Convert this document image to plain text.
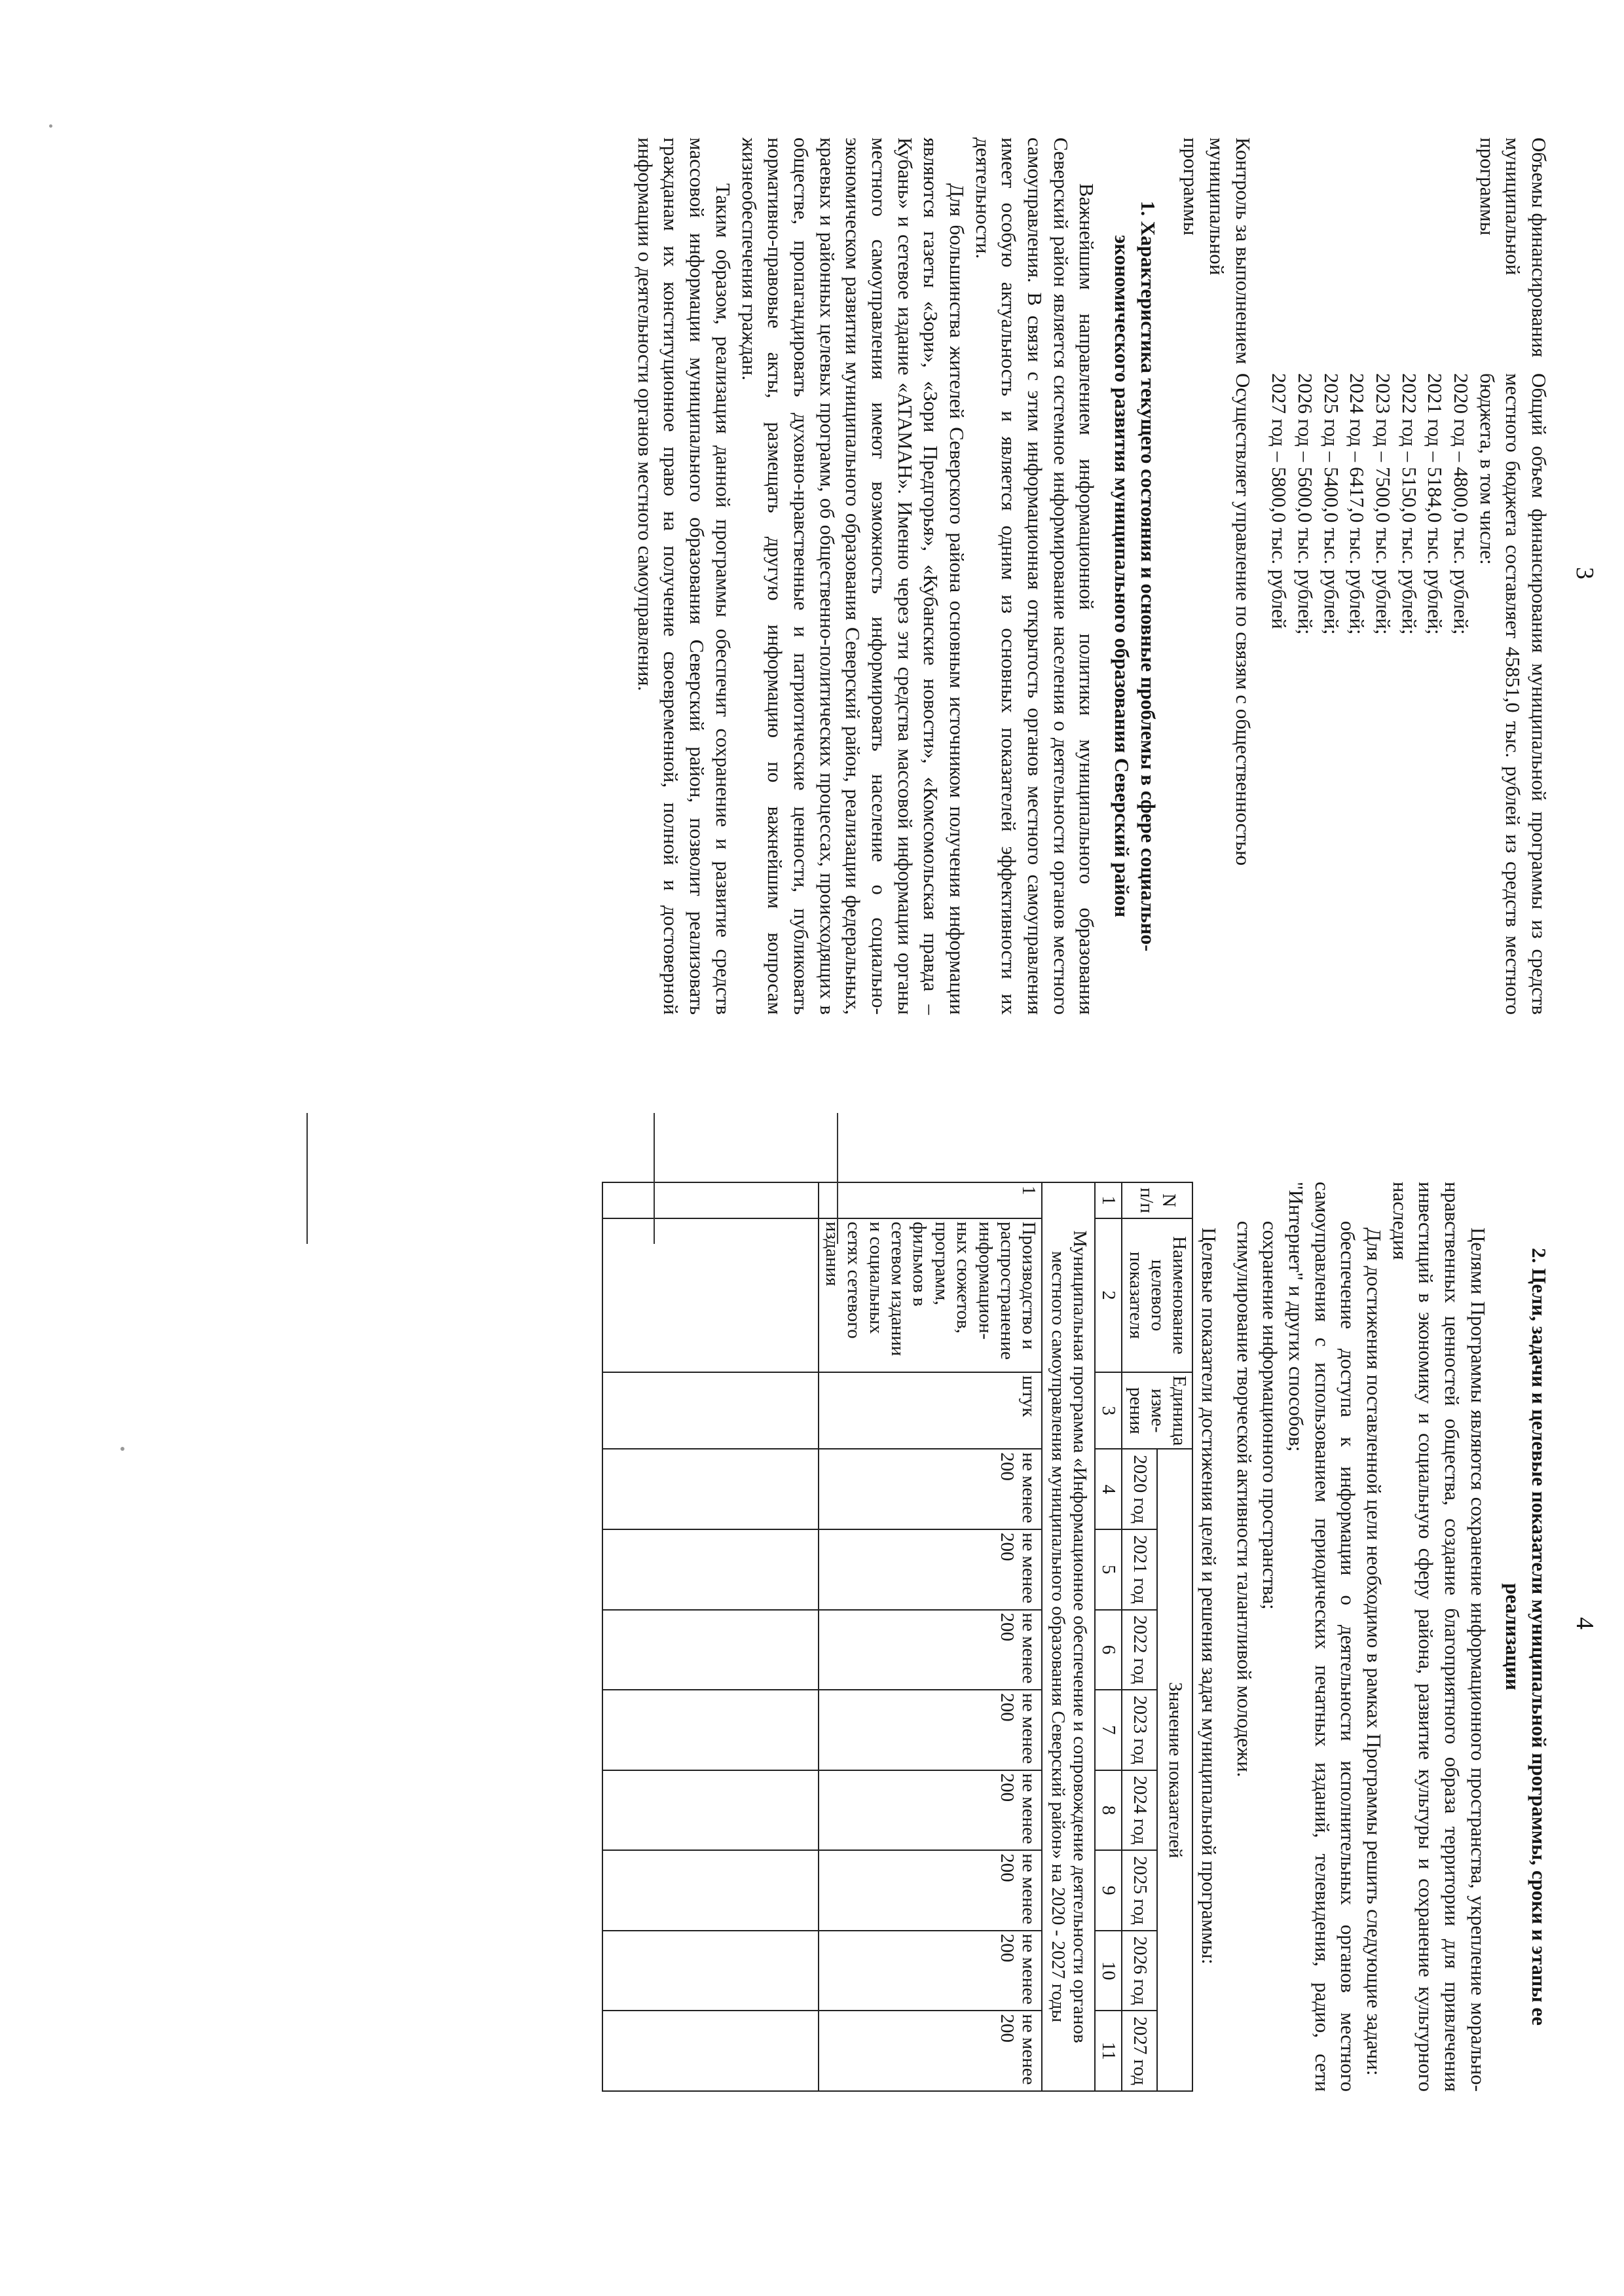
3
4
Объемы финансирования муниципальной программы
Общий объем финансирования муниципальной программы из средств местного бюджета составляет 45851,0 тыс. рублей из средств местного бюджета, в том числе:
2020 год – 4800,0 тыс. рублей;
2021 год – 5184,0 тыс. рублей;
2022 год – 5150,0 тыс. рублей;
2023 год – 7500,0 тыс. рублей;
2024 год – 6417,0 тыс. рублей;
2025 год – 5400,0 тыс. рублей;
2026 год – 5600,0 тыс. рублей;
2027 год – 5800,0 тыс. рублей
Контроль за выполнением муниципальной программы
Осуществляет управление по связям с общественностью
1. Характеристика текущего состояния и основные проблемы в сфере социально-экономического развития муниципального образования Северский район

Важнейшим направлением информационной политики муниципального образования Северский район является системное информирование населения о деятельности органов местного самоуправления. В связи с этим информационная открытость органов местного самоуправления имеет особую актуальность и является одним из основных показателей эффективности их деятельности.

Для большинства жителей Северского района основным источником получения информации являются газеты «Зори», «Зори Предгорья», «Кубанские новости», «Комсомольская правда – Кубань» и сетевое издание «АТАМАН». Именно через эти средства массовой информации органы местного самоуправления имеют возможность информировать население о социально-экономическом развитии муниципального образования Северский район, реализации федеральных, краевых и районных целевых программ, об общественно-политических процессах, происходящих в обществе, пропагандировать духовно-нравственные и патриотические ценности, публиковать нормативно-правовые акты, размещать другую информацию по важнейшим вопросам жизнеобеспечения граждан.

Таким образом, реализация данной программы обеспечит сохранение и развитие средств массовой информации муниципального образования Северский район, позволит реализовать гражданам их конституционное право на получение своевременной, полной и достоверной информации о деятельности органов местного самоуправления.

2. Цели, задачи и целевые показатели муниципальной программы, сроки и этапы ее реализации

Целями Программы являются сохранение информационного пространства, укрепление морально-нравственных ценностей общества, создание благоприятного образа территории для привлечения инвестиций в экономику и социальную сферу района, развитие культуры и сохранение культурного наследия

Для достижения поставленной цели необходимо в рамках Программы решить следующие задачи:

обеспечение доступа к информации о деятельности исполнительных органов местного самоуправления с использованием периодических печатных изданий, телевидения, радио, сети "Интернет" и других способов;

сохранение информационного пространства;

стимулирование творческой активности талантливой молодежи.

Целевые показатели достижения целей и решения задач муниципальной программы:

N п/п	Наименование целевого показателя	Единица изме-рения	Значение показателей							
			2020 год	2021 год	2022 год	2023 год	2024 год	2025 год	2026 год	2027 год
1	2	3	4	5	6	7	8	9	10	11
Муниципальная программа «Информационное обеспечение и сопровождение деятельности органов местного самоуправления муниципального образования Северский район» на 2020 - 2027 годы										
1	Производство и распространение информацион-ных сюжетов, программ, фильмов в сетевом издании и социальных сетях сетевого издания	штук	не менее 200	не менее 200	не менее 200	не менее 200	не менее 200	не менее 200	не менее 200	не менее 200
